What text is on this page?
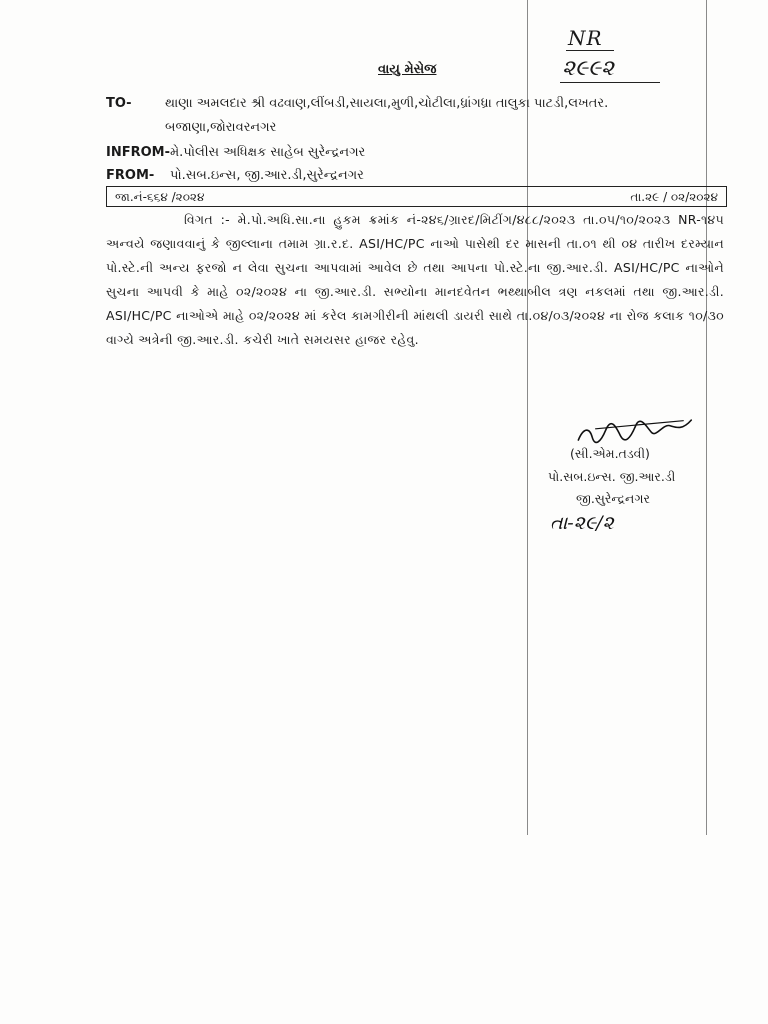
NR
૨૯૯૨
વાયુ મેસેજ
TO-	થાણા અમલદાર શ્રી વઢવાણ,લીંબડી,સાયલા,મુળી,ચોટીલા,ધ્રાંગધ્રા તાલુકા પાટડી,લખતર.
બજાણા,જોરાવરનગર
INFROM- મે.પોલીસ અધિક્ષક સાહેબ સુરેન્દ્રનગર
FROM- પો.સબ.ઇન્સ, જી.આર.ડી,સુરેન્દ્રનગર
જા.નં-૬૬૪ /૨૦૨૪	તા.૨૯ / ૦૨/૨૦૨૪
વિગત :- મે.પો.અધિ.સા.ના હુકમ ક્રમાંક નં-૨૪૬/ગ્રારદ/મિટીંગ/૪૮૮/૨૦૨૩ તા.૦૫/૧૦/૨૦૨૩ NR-૧૪૫ અન્વયે જણાવવાનું કે જીલ્લાના તમામ ગ્રા.ર.દ. ASI/HC/PC નાઓ પાસેથી દર માસની તા.૦૧ થી ૦૪ તારીખ દરમ્યાન પો.સ્ટે.ની અન્ય ફરજો ન લેવા સુચના આપવામાં આવેલ છે તથા આપના પો.સ્ટે.ના જી.આર.ડી. ASI/HC/PC નાઓને સુચના આપવી કે માહે ૦૨/૨૦૨૪ ના જી.આર.ડી. સભ્યોના માનદવેતન ભથ્થાબીલ ત્રણ નકલમાં તથા જી.આર.ડી. ASI/HC/PC નાઓએ માહે ૦૨/૨૦૨૪ માં કરેલ કામગીરીની માંથલી ડાયરી સાથે તા.૦૪/૦૩/૨૦૨૪ ના રોજ કલાક ૧૦/૩૦ વાગ્યે અત્રેની જી.આર.ડી. કચેરી ખાતે સમયસર હાજર રહેવુ.
(સી.એમ.તડવી)
પો.સબ.ઇન્સ. જી.આર.ડી
જી.સુરેન્દ્રનગર
તા-૨૯/૨
